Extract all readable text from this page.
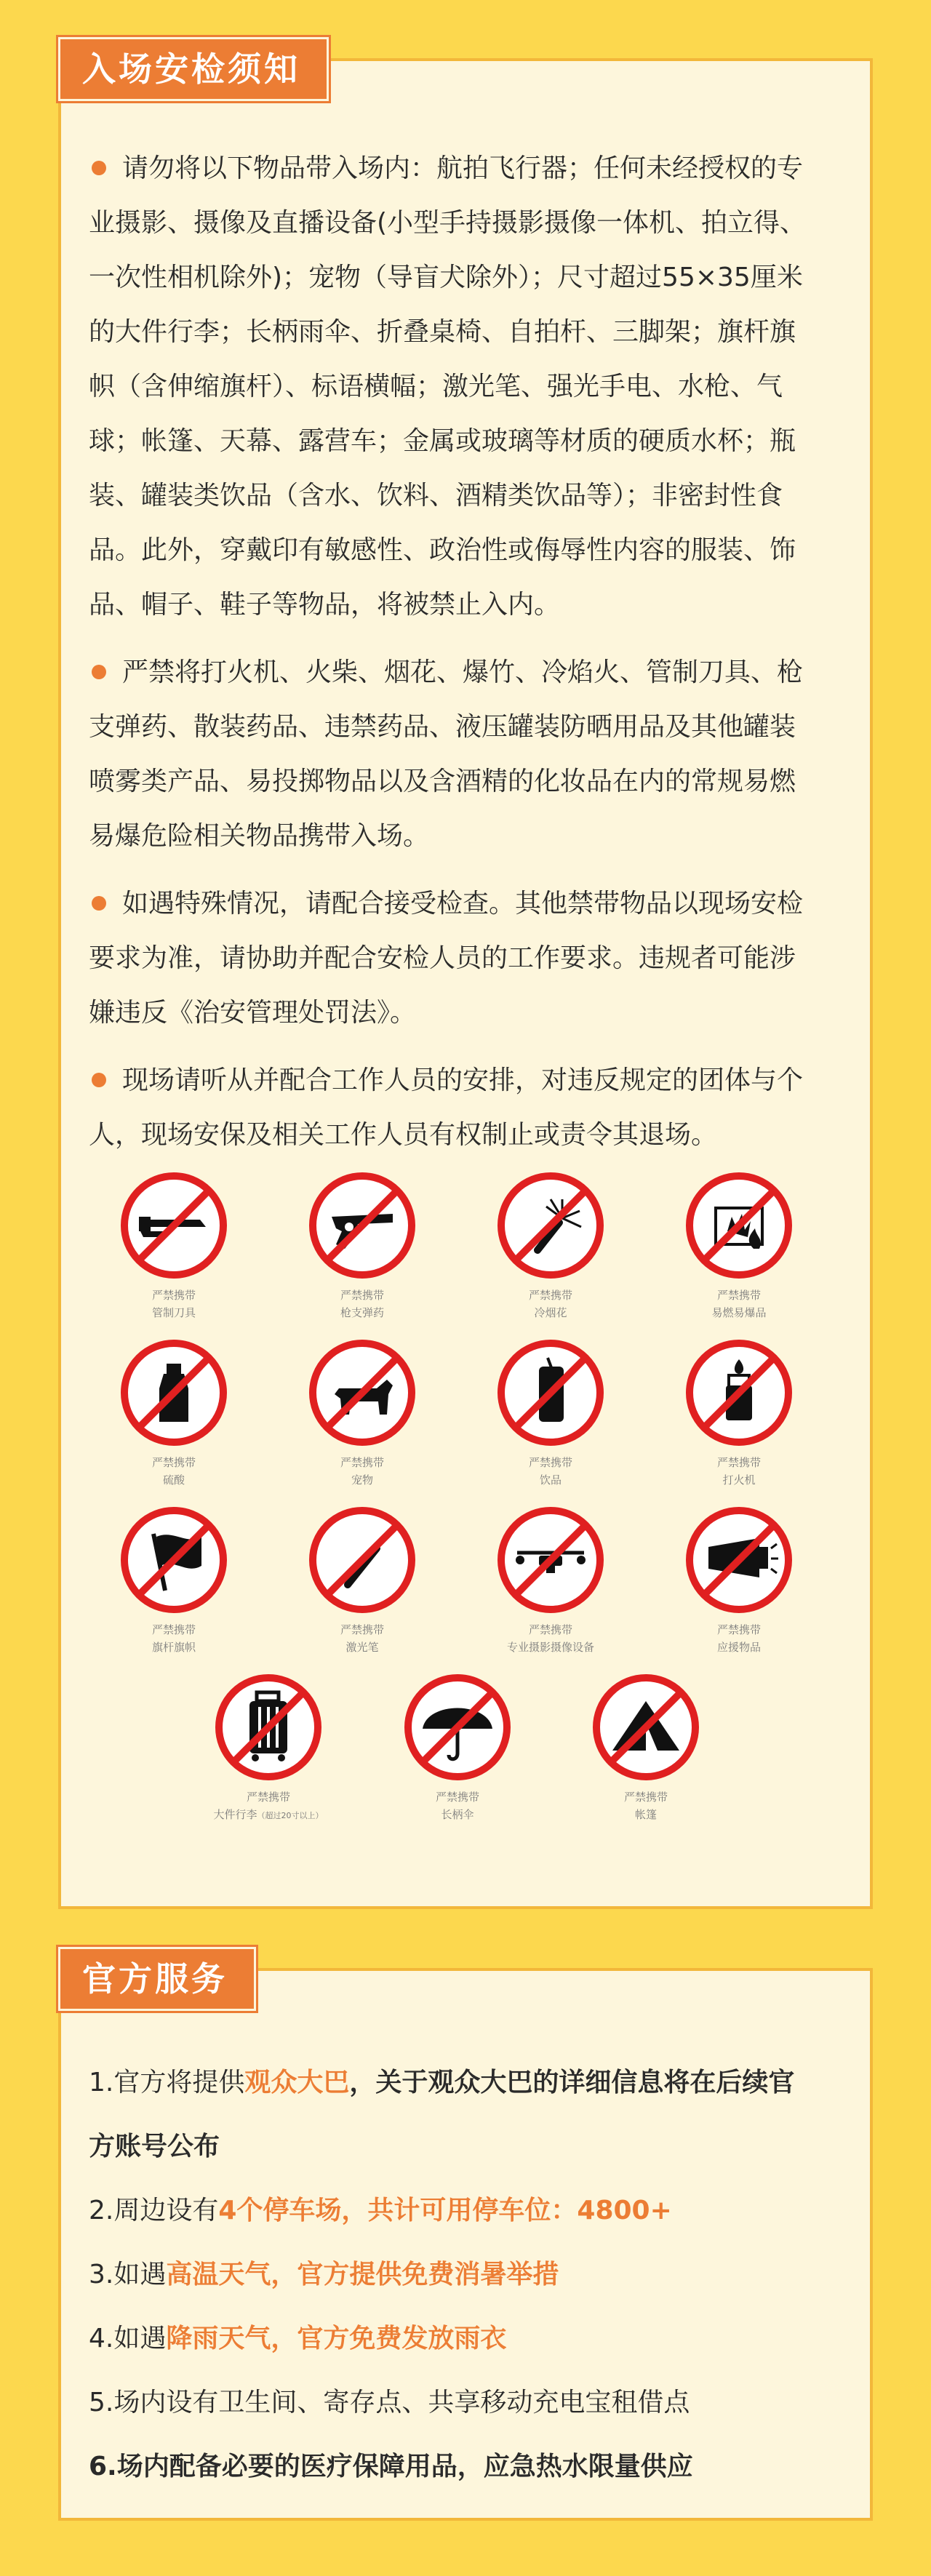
入场安检须知
请勿将以下物品带入场内：航拍飞行器；任何未经授权的专
业摄影、摄像及直播设备(小型手持摄影摄像一体机、拍立得、
一次性相机除外)；宠物（导盲犬除外）；尺寸超过55×35厘米
的大件行李；长柄雨伞、折叠桌椅、自拍杆、三脚架；旗杆旗
帜（含伸缩旗杆）、标语横幅；激光笔、强光手电、水枪、气
球；帐篷、天幕、露营车；金属或玻璃等材质的硬质水杯；瓶
装、罐装类饮品（含水、饮料、酒精类饮品等）；非密封性食
品。此外，穿戴印有敏感性、政治性或侮辱性内容的服装、饰
品、帽子、鞋子等物品，将被禁止入内。
严禁将打火机、火柴、烟花、爆竹、冷焰火、管制刀具、枪
支弹药、散装药品、违禁药品、液压罐装防晒用品及其他罐装
喷雾类产品、易投掷物品以及含酒精的化妆品在内的常规易燃
易爆危险相关物品携带入场。
如遇特殊情况，请配合接受检查。其他禁带物品以现场安检
要求为准，请协助并配合安检人员的工作要求。违规者可能涉
嫌违反《治安管理处罚法》。
现场请听从并配合工作人员的安排，对违反规定的团体与个
人，现场安保及相关工作人员有权制止或责令其退场。
严禁携带
管制刀具
严禁携带
枪支弹药
严禁携带
冷烟花
严禁携带
易燃易爆品
严禁携带
硫酸
严禁携带
宠物
严禁携带
饮品
严禁携带
打火机
严禁携带
旗杆旗帜
严禁携带
激光笔
严禁携带
专业摄影摄像设备
严禁携带
应援物品
严禁携带
大件行李（超过20寸以上）
严禁携带
长柄伞
严禁携带
帐篷
官方服务
1.官方将提供观众大巴，关于观众大巴的详细信息将在后续官
方账号公布
2.周边设有4个停车场，共计可用停车位：4800+
3.如遇高温天气，官方提供免费消暑举措
4.如遇降雨天气，官方免费发放雨衣
5.场内设有卫生间、寄存点、共享移动充电宝租借点
6.场内配备必要的医疗保障用品，应急热水限量供应
